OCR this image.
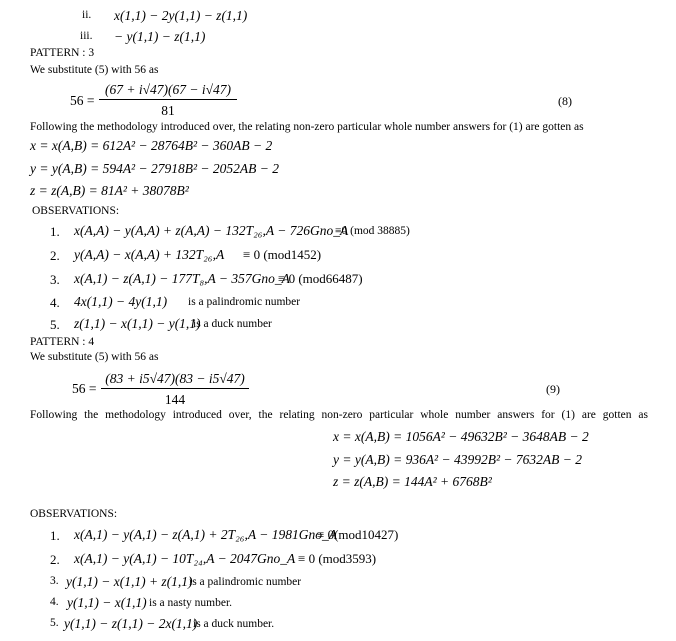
ii. x(1,1) − 2y(1,1) − z(1,1)
iii. − y(1,1) − z(1,1)
PATTERN : 3
We substitute (5) with 56 as
$56 = \frac{(67 + i√47)(67 - i√47)}{81}$	(8)
Following the methodology introduced over, the relating non-zero particular whole number answers for (1) are gotten as
x = x(A,B) = 612A² − 28764B² − 360AB − 2
y = y(A,B) = 594A² − 27918B² − 2052AB − 2
z = z(A,B) = 81A² + 38078B²
OBSERVATIONS:
1. x(A,A) − y(A,A) + z(A,A) − 132T₂₆,A − 726Gno_A
≡0 (mod 38885)
2. y(A,A) − x(A,A) + 132T₂₆,A ≡ 0 (mod1452)
3. x(A,1) − z(A,1) − 177T₈,A − 357Gno_A
≡ 0 (mod66487)
4. 4x(1,1) − 4y(1,1) is a palindromic number
5. z(1,1) − x(1,1) − y(1,1)
is a duck number
PATTERN : 4
We substitute (5) with 56 as
$56 = \frac{(83 + i5√47)(83 - i5√47)}{144}$	(9)
Following the methodology introduced over, the relating non-zero particular whole number answers for (1) are gotten as
x = x(A,B) = 1056A² − 49632B² − 3648AB − 2
y = y(A,B) = 936A² − 43992B² − 7632AB − 2
z = z(A,B) = 144A² + 6768B²
OBSERVATIONS:
1. x(A,1) − y(A,1) − z(A,1) + 2T₂₆,A − 1981Gno_A
≡ 0(mod10427)
2. x(A,1) − y(A,1) − 10T₂₄,A − 2047Gno_A ≡ 0 (mod3593)
3. y(1,1) − x(1,1) + z(1,1)
is a palindromic number
4. y(1,1) − x(1,1) is a nasty number.
5. y(1,1) − z(1,1) − 2x(1,1)
is a duck number.
